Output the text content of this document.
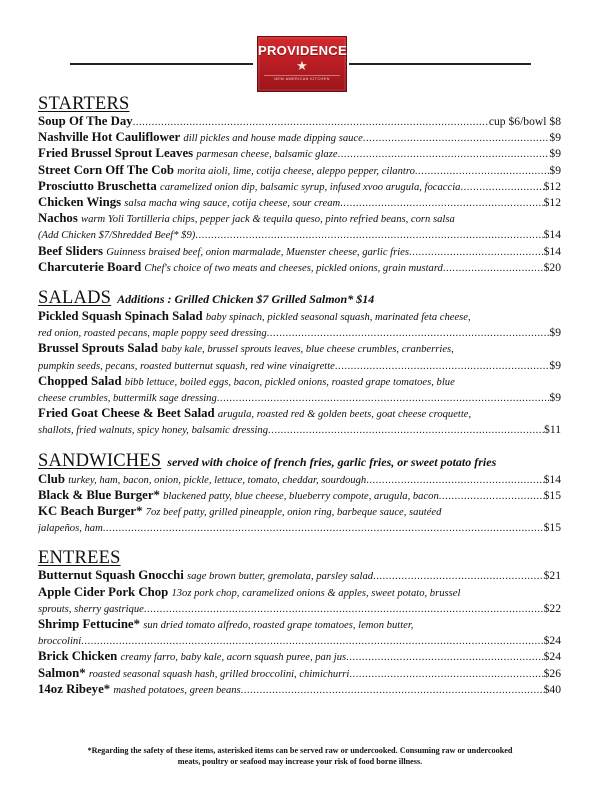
PROVIDENCE
★
NEW AMERICAN KITCHEN
STARTERS
Soup Of The Day .....	cup $6/bowl $8
Nashville Hot Cauliflower dill pickles and house made dipping sauce .....	$9
Fried Brussel Sprout Leaves parmesan cheese, balsamic glaze .....	$9
Street Corn Off The Cob morita aioli, lime, cotija cheese, aleppo pepper, cilantro .....	$9
Prosciutto Bruschetta caramelized onion dip, balsamic syrup, infused xvoo arugula, focaccia .....	$12
Chicken Wings salsa macha wing sauce, cotija cheese, sour cream .....	$12
Nachos warm Yoli Tortilleria chips, pepper jack & tequila queso, pinto refried beans, corn salsa
(Add Chicken $7/Shredded Beef* $9) .....	$14
Beef Sliders Guinness braised beef, onion marmalade, Muenster cheese, garlic fries .....	$14
Charcuterie Board Chef's choice of two meats and cheeses, pickled onions, grain mustard .....	$20
SALADS Additions : Grilled Chicken $7 Grilled Salmon* $14
Pickled Squash Spinach Salad baby spinach, pickled seasonal squash, marinated feta cheese,
red onion, roasted pecans, maple poppy seed dressing .....	$9
Brussel Sprouts Salad baby kale, brussel sprouts leaves, blue cheese crumbles, cranberries,
pumpkin seeds, pecans, roasted butternut squash, red wine vinaigrette .....	$9
Chopped Salad bibb lettuce, boiled eggs, bacon, pickled onions, roasted grape tomatoes, blue
cheese crumbles, buttermilk sage dressing .....	$9
Fried Goat Cheese & Beet Salad arugula, roasted red & golden beets, goat cheese croquette,
shallots, fried walnuts, spicy honey, balsamic dressing .....	$11
SANDWICHES served with choice of french fries, garlic fries, or sweet potato fries
Club turkey, ham, bacon, onion, pickle, lettuce, tomato, cheddar, sourdough .....	$14
Black & Blue Burger* blackened patty, blue cheese, blueberry compote, arugula, bacon .....	$15
KC Beach Burger* 7oz beef patty, grilled pineapple, onion ring, barbeque sauce, sautéed
jalapeños, ham .....	$15
ENTREES
Butternut Squash Gnocchi sage brown butter, gremolata, parsley salad .....	$21
Apple Cider Pork Chop 13oz pork chop, caramelized onions & apples, sweet potato, brussel
sprouts, sherry gastrique .....	$22
Shrimp Fettucine* sun dried tomato alfredo, roasted grape tomatoes, lemon butter,
broccolini .....	$24
Brick Chicken creamy farro, baby kale, acorn squash puree, pan jus .....	$24
Salmon* roasted seasonal squash hash, grilled broccolini, chimichurri .....	$26
14oz Ribeye* mashed potatoes, green beans .....	$40
*Regarding the safety of these items, asterisked items can be served raw or undercooked. Consuming raw or undercooked
meats, poultry or seafood may increase your risk of food borne illness.
